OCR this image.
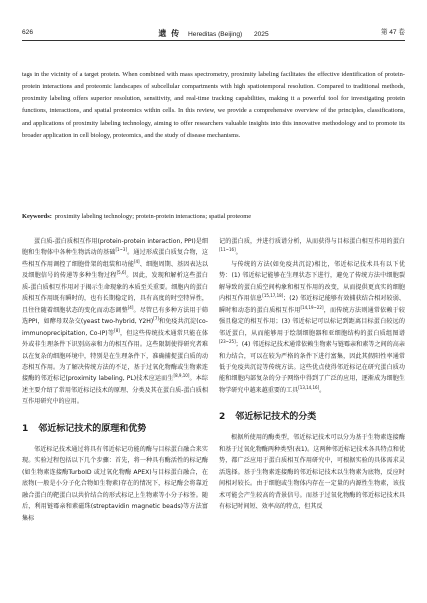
626	遗 传 Hereditas (Beijing) 2025	第 47 卷
tags in the vicinity of a target protein. When combined with mass spectrometry, proximity labeling facilitates the effective identification of protein-protein interactions and proteomic landscapes of subcellular compartments with high spatiotemporal resolution. Compared to traditional methods, proximity labeling offers superior resolution, sensitivity, and real-time tracking capabilities, making it a powerful tool for investigating protein functions, interactions, and spatial proteomics within cells. In this review, we provide a comprehensive overview of the principles, classifications, and applications of proximity labeling technology, aiming to offer researchers valuable insights into this innovative methodology and to promote its broader application in cell biology, proteomics, and the study of disease mechanisms.
Keywords: proximity labeling technology; protein-protein interactions; spatial proteome

蛋白质-蛋白质相互作用(protein-protein interaction, PPI)是细胞和生物体中各种生物活动的基础[1~3]。通过形成蛋白质复合物，这些相互作用调控了细胞骨架的组装和功能[4]、细胞周期、基因表达以及细胞信号的传递等多种生物过程[5,6]。因此，发现和解析这些蛋白质-蛋白质相互作用对于揭示生命现象的本质至关重要。细胞内的蛋白质相互作用既有瞬时的，也有长期稳定的，具有高度的时空特异性，且往往随着细胞状态的变化而动态调整[4]。尽管已有多种方法用于筛选PPI，如酵母双杂交(yeast two-hybrid, Y2H)[7]和免疫共沉淀(co-immunoprecipitation, Co-IP)等[8]，但这些传统技术通常只能在体外或非生理条件下识别高亲和力的相互作用。这些限制使得研究者难以在复杂的细胞环境中，特别是在生理条件下，准确捕捉蛋白质的动态相互作用。为了解决传统方法的不足，基于过氧化物酶或生物素连接酶的邻近标记(proximity labeling, PL)技术应运而生[8,9,10]。本综述主要介绍了常用邻近标记技术的原理、分类及其在蛋白质-蛋白质相互作用研究中的应用。

1 邻近标记技术的原理和优势

邻近标记技术通过将具有邻近标记功能的酶与目标蛋白融合来实现。实验过程包括以下几个步骤：首先，将一种具有酶活性的标记酶(如生物素连接酶TurboID 或过氧化物酶 APEX)与目标蛋白融合，在底物(一般是小分子化合物如生物素)存在的情况下，标记酶会将靠近融合蛋白的靶蛋白以共价结合的形式标记上生物素等小分子标签。随后，利用链霉亲和素磁珠(streptavidin magnetic beads)等方法富集标

记的蛋白质，并进行质谱分析，从而获得与目标蛋白相互作用的蛋白[11~16]。

与传统的方法(如免疫共沉淀)相比，邻近标记技术具有以下优势：(1) 邻近标记能够在生理状态下进行，避免了传统方法中细胞裂解导致的蛋白质空间构象和相互作用的改变，从而提供更真实的细胞内相互作用信息[15,17,18]；(2) 邻近标记能够有效捕获结合相对较弱、瞬时和动态的蛋白质相互作用[14,19~22]，而传统方法则通常依赖于较强且稳定的相互作用；(3) 邻近标记可以标记到距离目标蛋白较远的邻近蛋白，从而能够用于绘制细胞器和亚细胞结构的蛋白质组图谱[23~25]；(4) 邻近标记技术通常依赖生物素与链霉亲和素等之间的高亲和力结合，可以在较为严格的条件下进行富集，因此其假阳性率通常低于免疫共沉淀等传统方法。这些优点使得邻近标记在研究蛋白质功能和细胞内部复杂的分子网络中得到了广泛的应用，逐渐成为细胞生物学研究中越来越重要的工具[13,14,16]。

2 邻近标记技术的分类

根据所使用的酶类型，邻近标记技术可以分为基于生物素连接酶和基于过氧化物酶两种类型(表1)。这两种邻近标记技术各具特点和优势，都广泛应用于蛋白质相互作用研究中，可根据实验的具体需求灵活选择。基于生物素连接酶的邻近标记技术以生物素为底物，反应时间相对较长。由于细胞或生物体内存在一定量的内源性生物素，该技术可能会产生较高的背景信号。而基于过氧化物酶的邻近标记技术具有标记时间短、效率高的特点，但其反
